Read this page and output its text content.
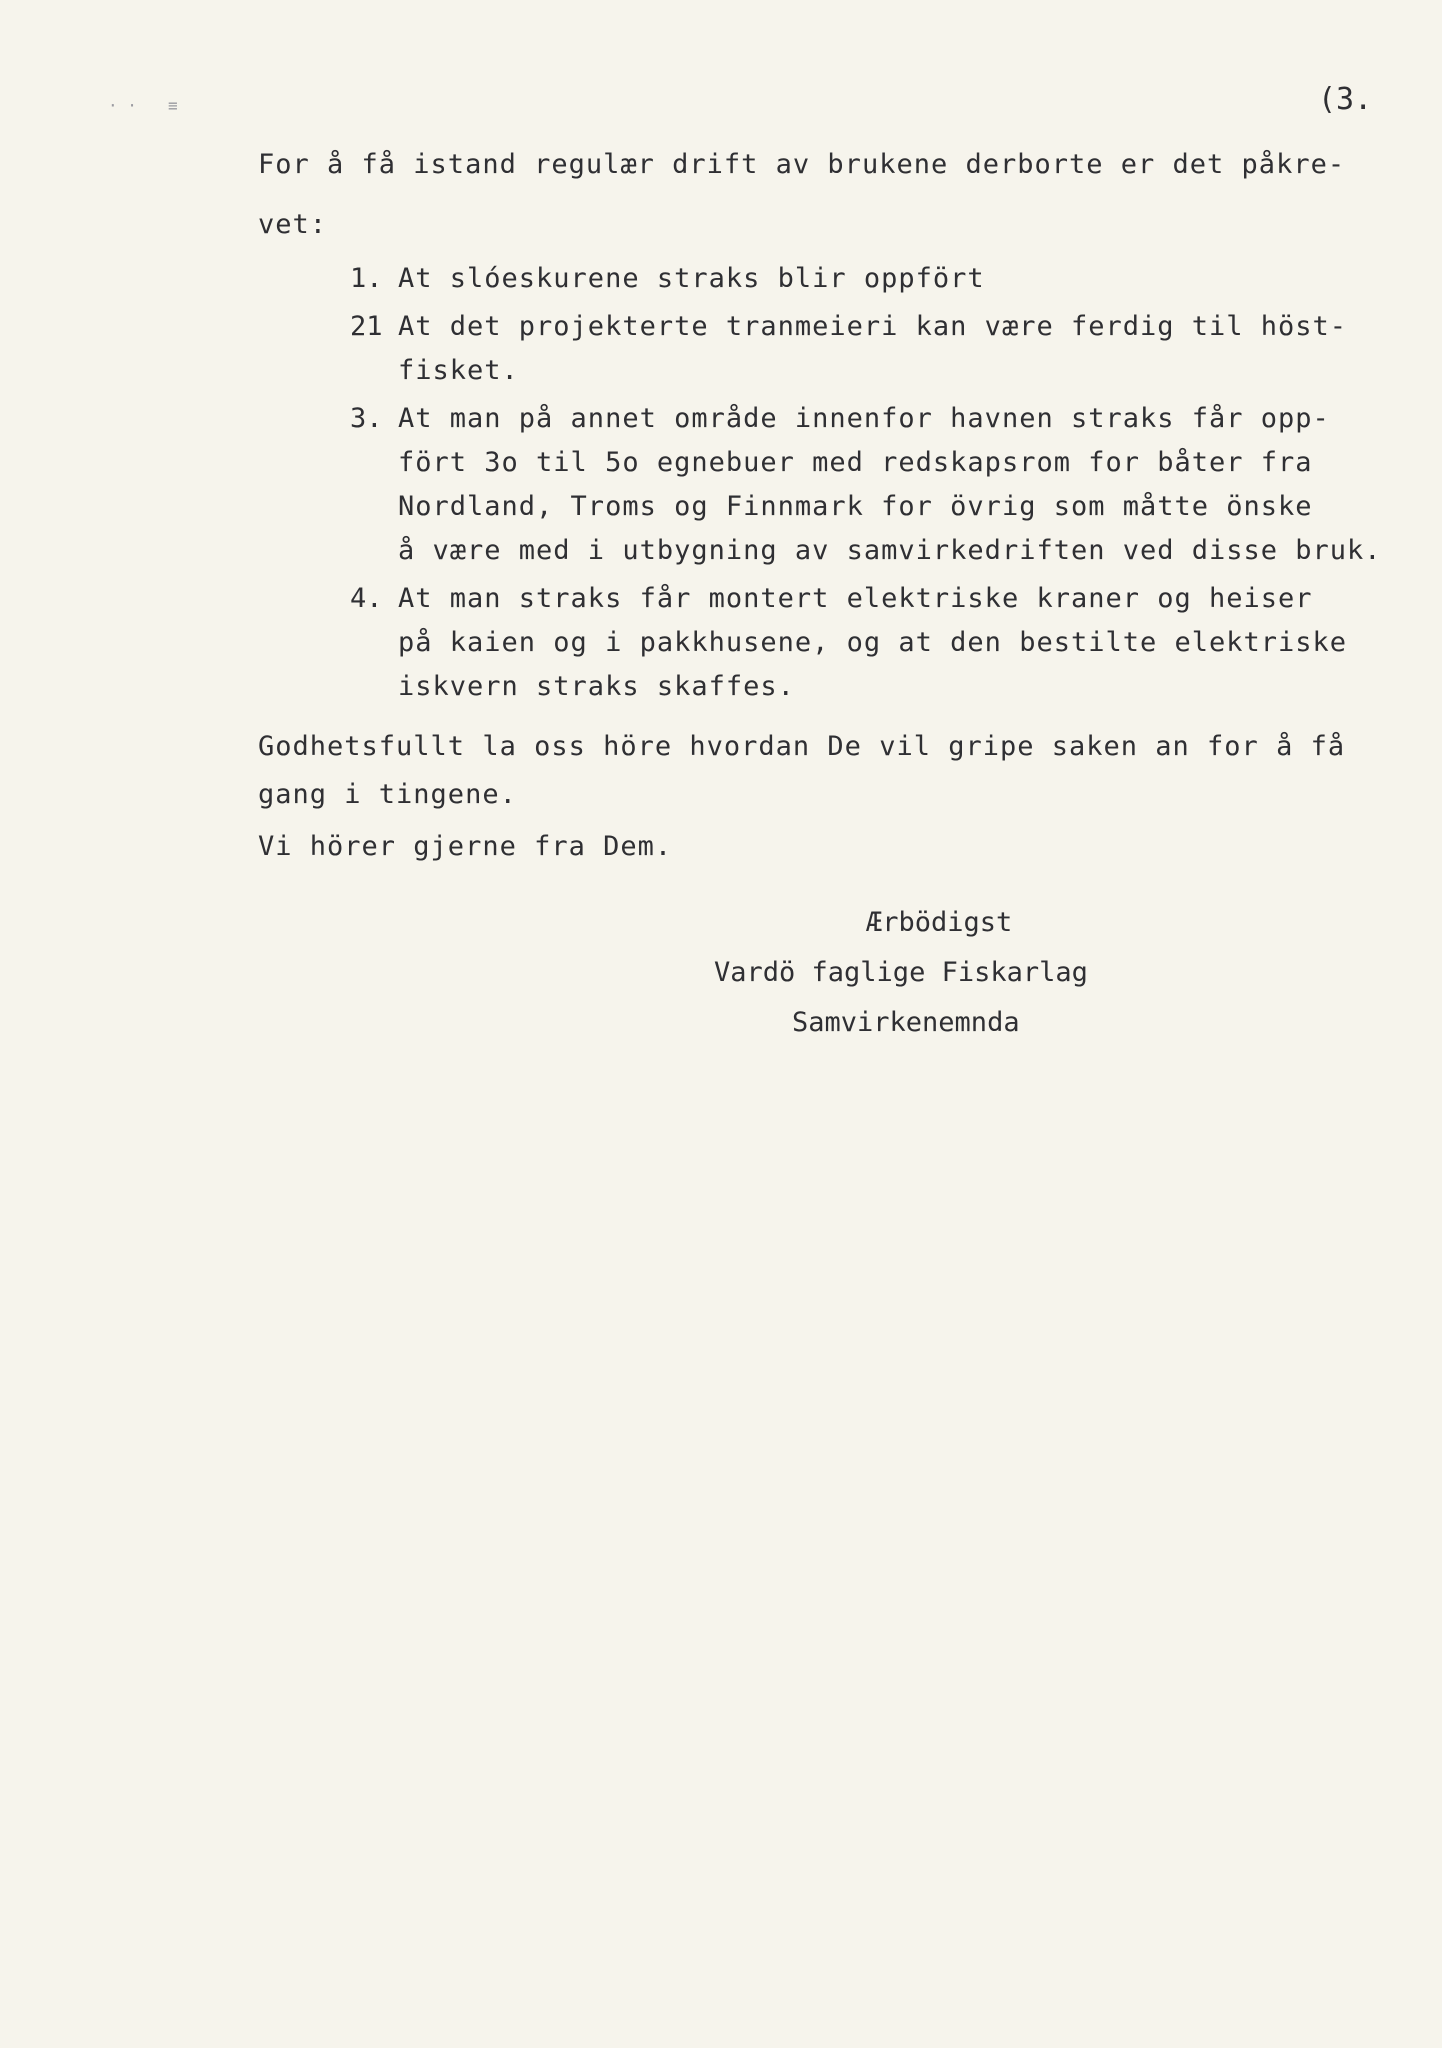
· · ≡	(3.
For å få istand regulær drift av brukene derborte er det påkre-
vet:
1. At slóeskurene straks blir oppfört
21 At det projekterte tranmeieri kan være ferdig til höst-
fisket.
3. At man på annet område innenfor havnen straks får opp-
fört 3o til 5o egnebuer med redskapsrom for båter fra
Nordland, Troms og Finnmark for övrig som måtte önske
å være med i utbygning av samvirkedriften ved disse bruk.
4. At man straks får montert elektriske kraner og heiser
på kaien og i pakkhusene, og at den bestilte elektriske
iskvern straks skaffes.
Godhetsfullt la oss höre hvordan De vil gripe saken an for å få
gang i tingene.
Vi hörer gjerne fra Dem.
Ærbödigst
Vardö faglige Fiskarlag
Samvirkenemnda
